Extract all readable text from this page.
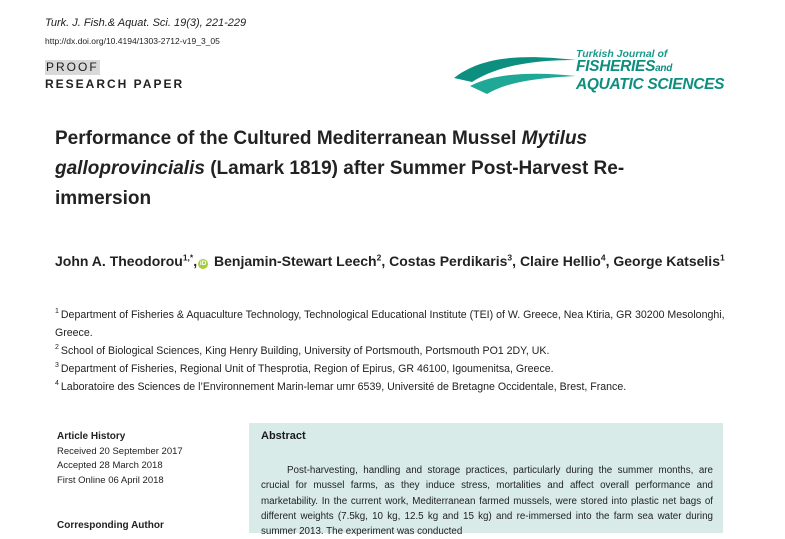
Turk. J. Fish.& Aquat. Sci. 19(3), 221-229
http://dx.doi.org/10.4194/1303-2712-v19_3_05
PROOF
RESEARCH PAPER
Turkish Journal of
FISHERIESand
AQUATIC SCIENCES
Performance of the Cultured Mediterranean Mussel Mytilus galloprovincialis (Lamark 1819) after Summer Post-Harvest Re-immersion
John A. Theodorou$^{1,*}$, iD Benjamin-Stewart Leech$^2$, Costas Perdikaris$^3$, Claire Hellio$^4$, George Katselis$^1$

$^1$ Department of Fisheries & Aquaculture Technology, Technological Educational Institute (TEI) of W. Greece, Nea Ktiria, GR 30200 Mesolonghi, Greece.

$^2$ School of Biological Sciences, King Henry Building, University of Portsmouth, Portsmouth PO1 2DY, UK.

$^3$ Department of Fisheries, Regional Unit of Thesprotia, Region of Epirus, GR 46100, Igoumenitsa, Greece.

$^4$ Laboratoire des Sciences de l’Environnement Marin-lemar umr 6539, Université de Bretagne Occidentale, Brest, France.

Article History
Received 20 September 2017
Accepted 28 March 2018
First Online 06 April 2018
Corresponding Author
Abstract
Post-harvesting, handling and storage practices, particularly during the summer months, are crucial for mussel farms, as they induce stress, mortalities and affect overall performance and marketability. In the current work, Mediterranean farmed mussels, were stored into plastic net bags of different weights (7.5kg, 10 kg, 12.5 kg and 15 kg) and re-immersed into the farm sea water during summer 2013. The experiment was conducted
